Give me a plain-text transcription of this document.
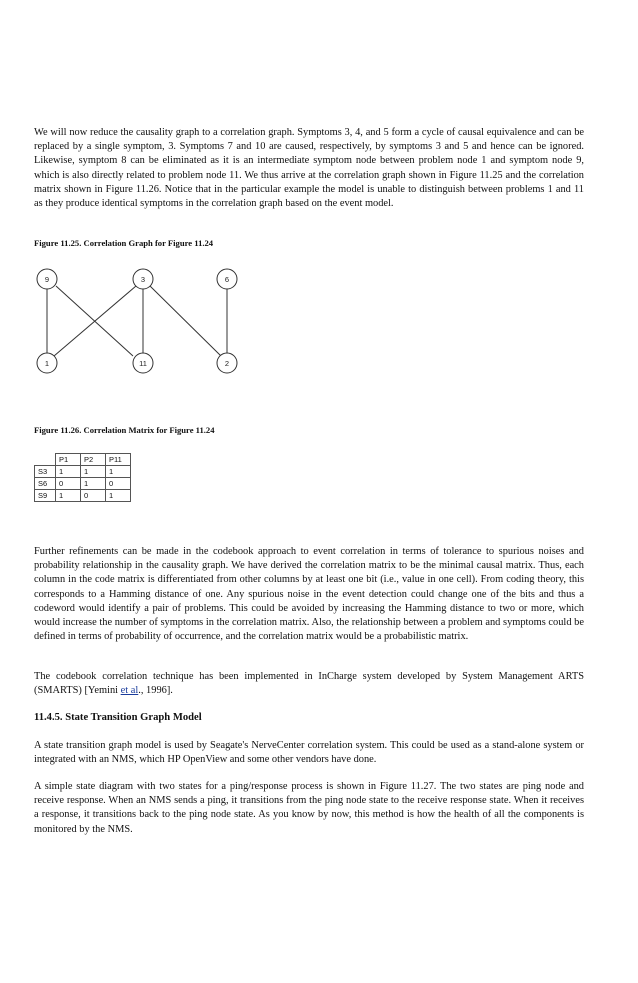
We will now reduce the causality graph to a correlation graph. Symptoms 3, 4, and 5 form a cycle of causal equivalence and can be replaced by a single symptom, 3. Symptoms 7 and 10 are caused, respectively, by symptoms 3 and 5 and hence can be ignored. Likewise, symptom 8 can be eliminated as it is an intermediate symptom node between problem node 1 and symptom node 9, which is also directly related to problem node 11. We thus arrive at the correlation graph shown in Figure 11.25 and the correlation matrix shown in Figure 11.26. Notice that in the particular example the model is unable to distinguish between problems 1 and 11 as they produce identical symptoms in the correlation graph based on the event model.

Figure 11.25. Correlation Graph for Figure 11.24

9	3	6
1	11	2

Figure 11.26. Correlation Matrix for Figure 11.24

	P1	P2	P11
S3	1	1	1
S6	0	1	0
S9	1	0	1

Further refinements can be made in the codebook approach to event correlation in terms of tolerance to spurious noises and probability relationship in the causality graph. We have derived the correlation matrix to be the minimal causal matrix. Thus, each column in the code matrix is differentiated from other columns by at least one bit (i.e., value in one cell). From coding theory, this corresponds to a Hamming distance of one. Any spurious noise in the event detection could change one of the bits and thus a codeword would identify a pair of problems. This could be avoided by increasing the Hamming distance to two or more, which would increase the number of symptoms in the correlation matrix. Also, the relationship between a problem and symptoms could be defined in terms of probability of occurrence, and the correlation matrix would be a probabilistic matrix.

The codebook correlation technique has been implemented in InCharge system developed by System Management ARTS (SMARTS) [Yemini et al., 1996].

11.4.5. State Transition Graph Model

A state transition graph model is used by Seagate's NerveCenter correlation system. This could be used as a stand-alone system or integrated with an NMS, which HP OpenView and some other vendors have done.

A simple state diagram with two states for a ping/response process is shown in Figure 11.27. The two states are ping node and receive response. When an NMS sends a ping, it transitions from the ping node state to the receive response state. When it receives a response, it transitions back to the ping node state. As you know by now, this method is how the health of all the components is monitored by the NMS.
